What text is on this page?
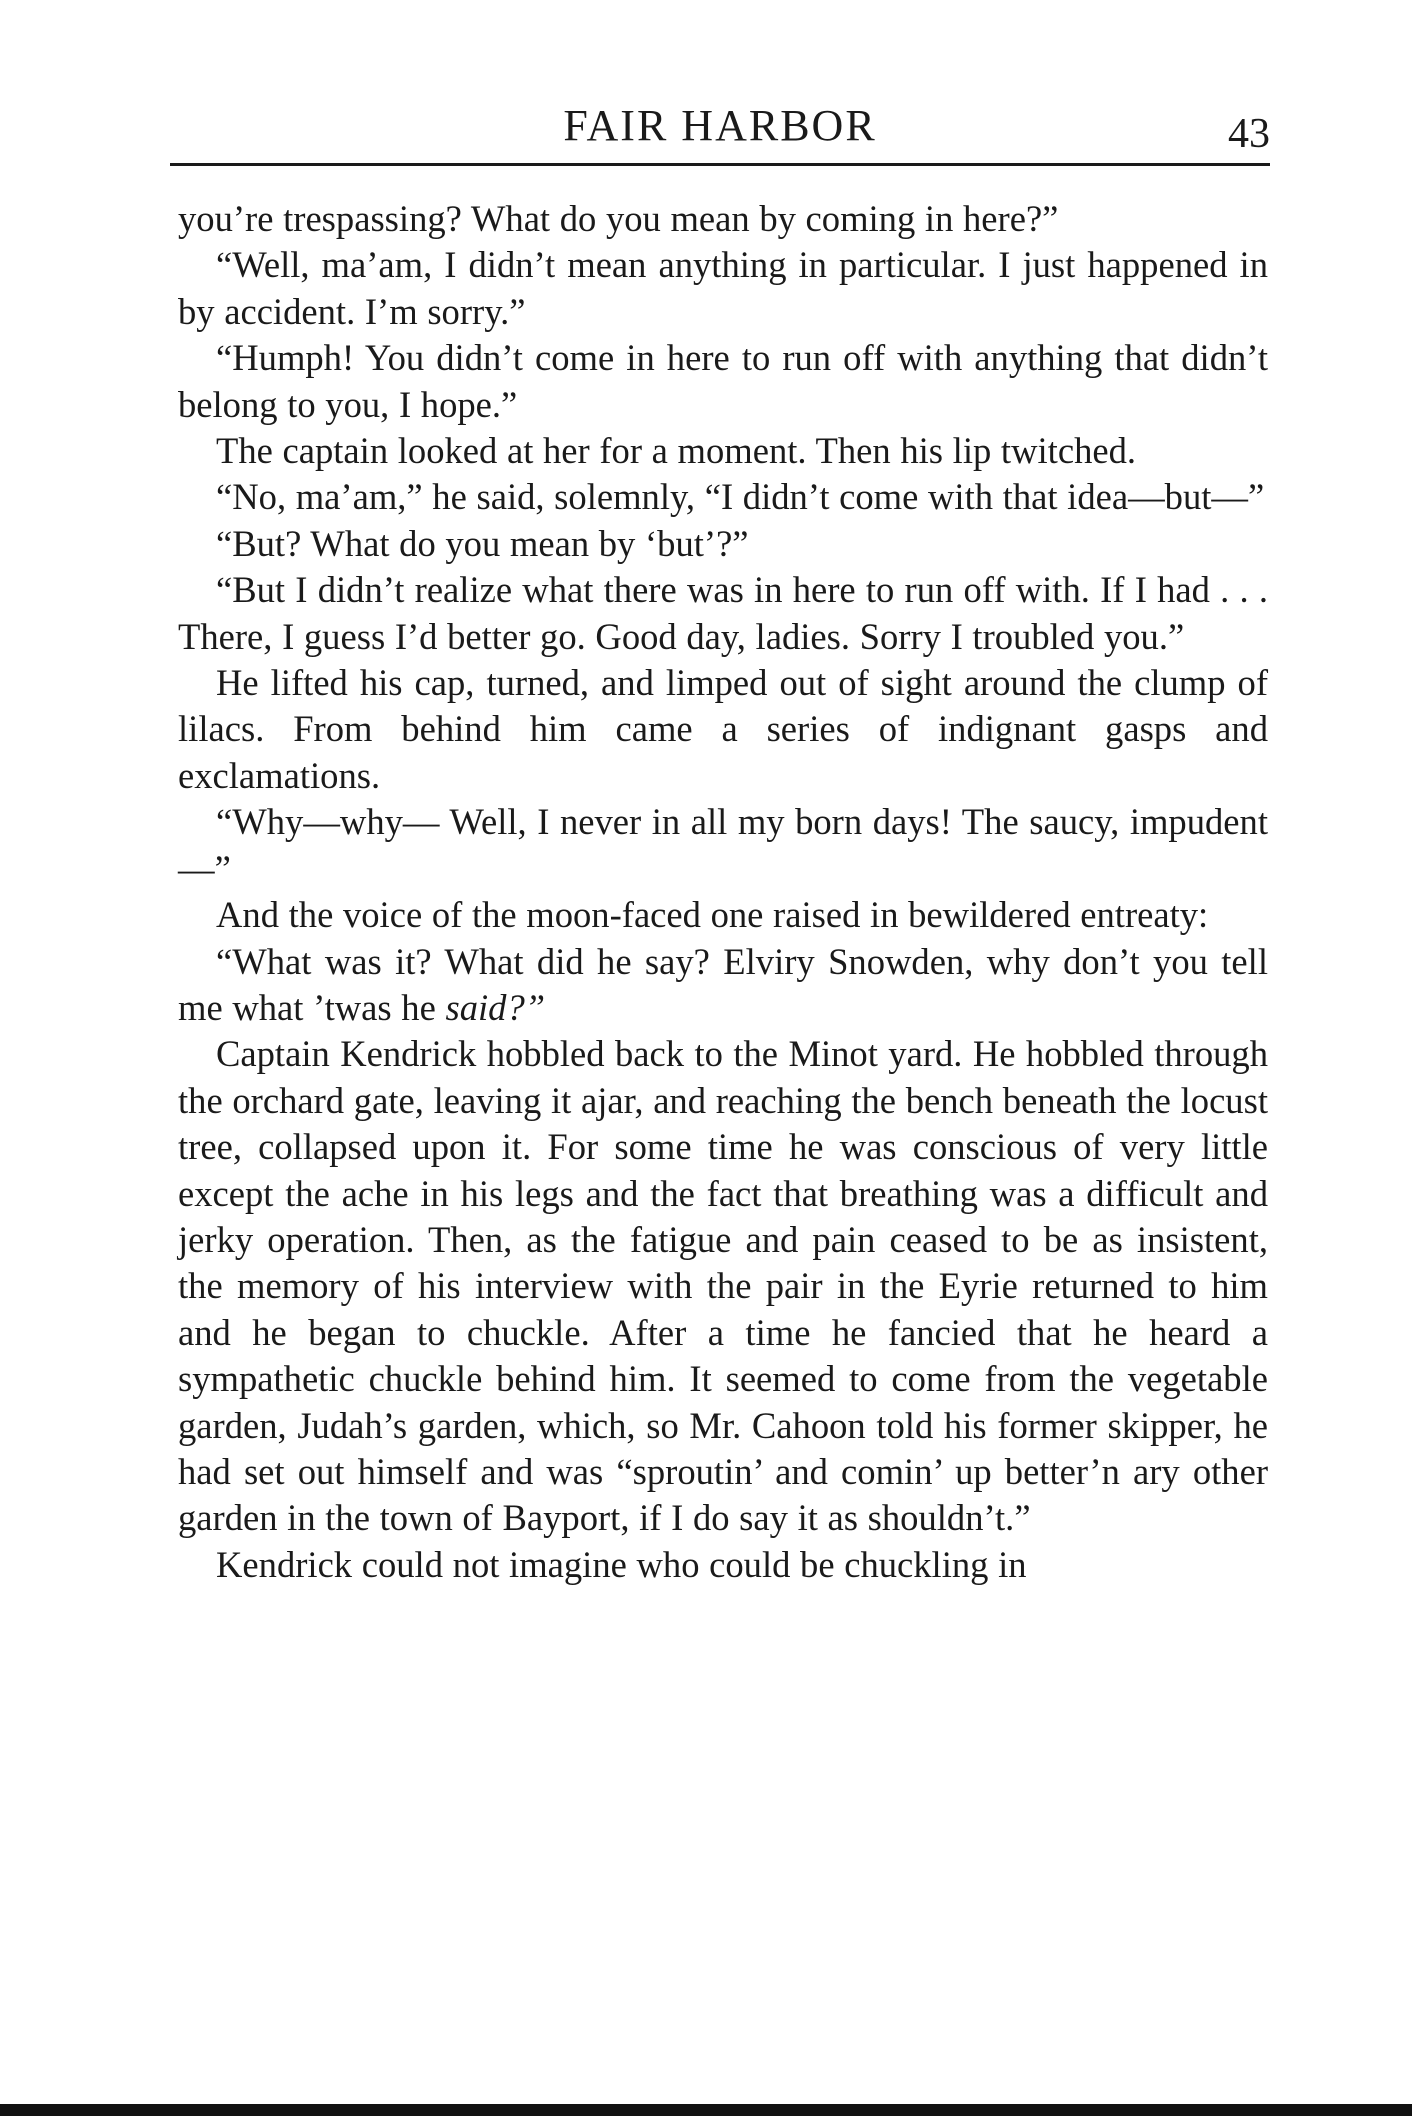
FAIR HARBOR	43

you’re trespassing? What do you mean by coming in here?”

“Well, ma’am, I didn’t mean anything in particular. I just happened in by accident. I’m sorry.”

“Humph! You didn’t come in here to run off with anything that didn’t belong to you, I hope.”

The captain looked at her for a moment. Then his lip twitched.

“No, ma’am,” he said, solemnly, “I didn’t come with that idea—but—”

“But? What do you mean by ‘but’?”

“But I didn’t realize what there was in here to run off with. If I had . . . There, I guess I’d better go. Good day, ladies. Sorry I troubled you.”

He lifted his cap, turned, and limped out of sight around the clump of lilacs. From behind him came a series of indignant gasps and exclamations.

“Why—why— Well, I never in all my born days! The saucy, impudent—”

And the voice of the moon-faced one raised in bewildered entreaty:

“What was it? What did he say? Elviry Snowden, why don’t you tell me what ’twas he said?”

Captain Kendrick hobbled back to the Minot yard. He hobbled through the orchard gate, leaving it ajar, and reaching the bench beneath the locust tree, collapsed upon it. For some time he was conscious of very little except the ache in his legs and the fact that breathing was a difficult and jerky operation. Then, as the fatigue and pain ceased to be as insistent, the memory of his interview with the pair in the Eyrie returned to him and he began to chuckle. After a time he fancied that he heard a sympathetic chuckle behind him. It seemed to come from the vegetable garden, Judah’s garden, which, so Mr. Cahoon told his former skipper, he had set out himself and was “sproutin’ and comin’ up better’n ary other garden in the town of Bayport, if I do say it as shouldn’t.”

Kendrick could not imagine who could be chuckling in
